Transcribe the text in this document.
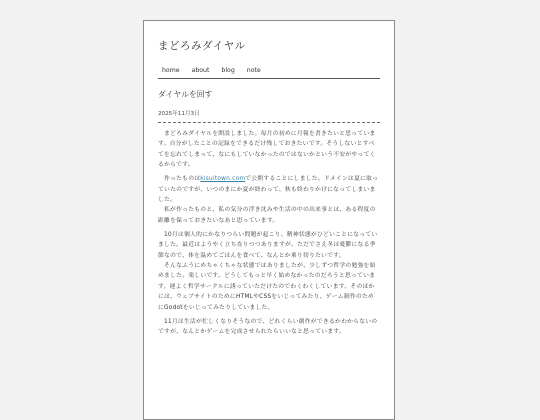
まどろみダイヤル
home about blog note
ダイヤルを回す
2025年11月3日

まどろみダイヤルを開設しました。毎月の初めに月報を書きたいと思っています。自分がしたことの記録をできるだけ残しておきたいです。そうしないとすべてを忘れてしまって、なにもしていなかったのではないかという不安がやってくるからです。

作ったものはkisuitown.comで公開することにしました。ドメインは夏に取っていたのですが、いつのまにか夏が終わって、秋も終わりかけになってしまいました。

私が作ったものと、私の気分の浮き沈みや生活の中の出来事とは、ある程度の距離を保っておきたいなあと思っています。

10月は個人的にかなりつらい問題が起こり、精神状態がひどいことになっていました。最近はようやく立ち直りつつありますが、ただでさえ冬は憂鬱になる季節なので、体を温めてごはんを食べて、なんとか乗り切りたいです。

そんなふうにめちゃくちゃな状態ではありましたが、少しずつ哲学の勉強を始めました。楽しいです。どうしてもっと早く始めなかったのだろうと思っています。運よく哲学サークルに誘っていただけたのでわくわくしています。そのほかには、ウェブサイトのためにHTMLやCSSをいじってみたり、ゲーム制作のためにGodotをいじってみたりしていました。

11月は生活が忙しくなりそうなので、どれくらい創作ができるかわからないのですが、なんとかゲームを完成させられたらいいなと思っています。
